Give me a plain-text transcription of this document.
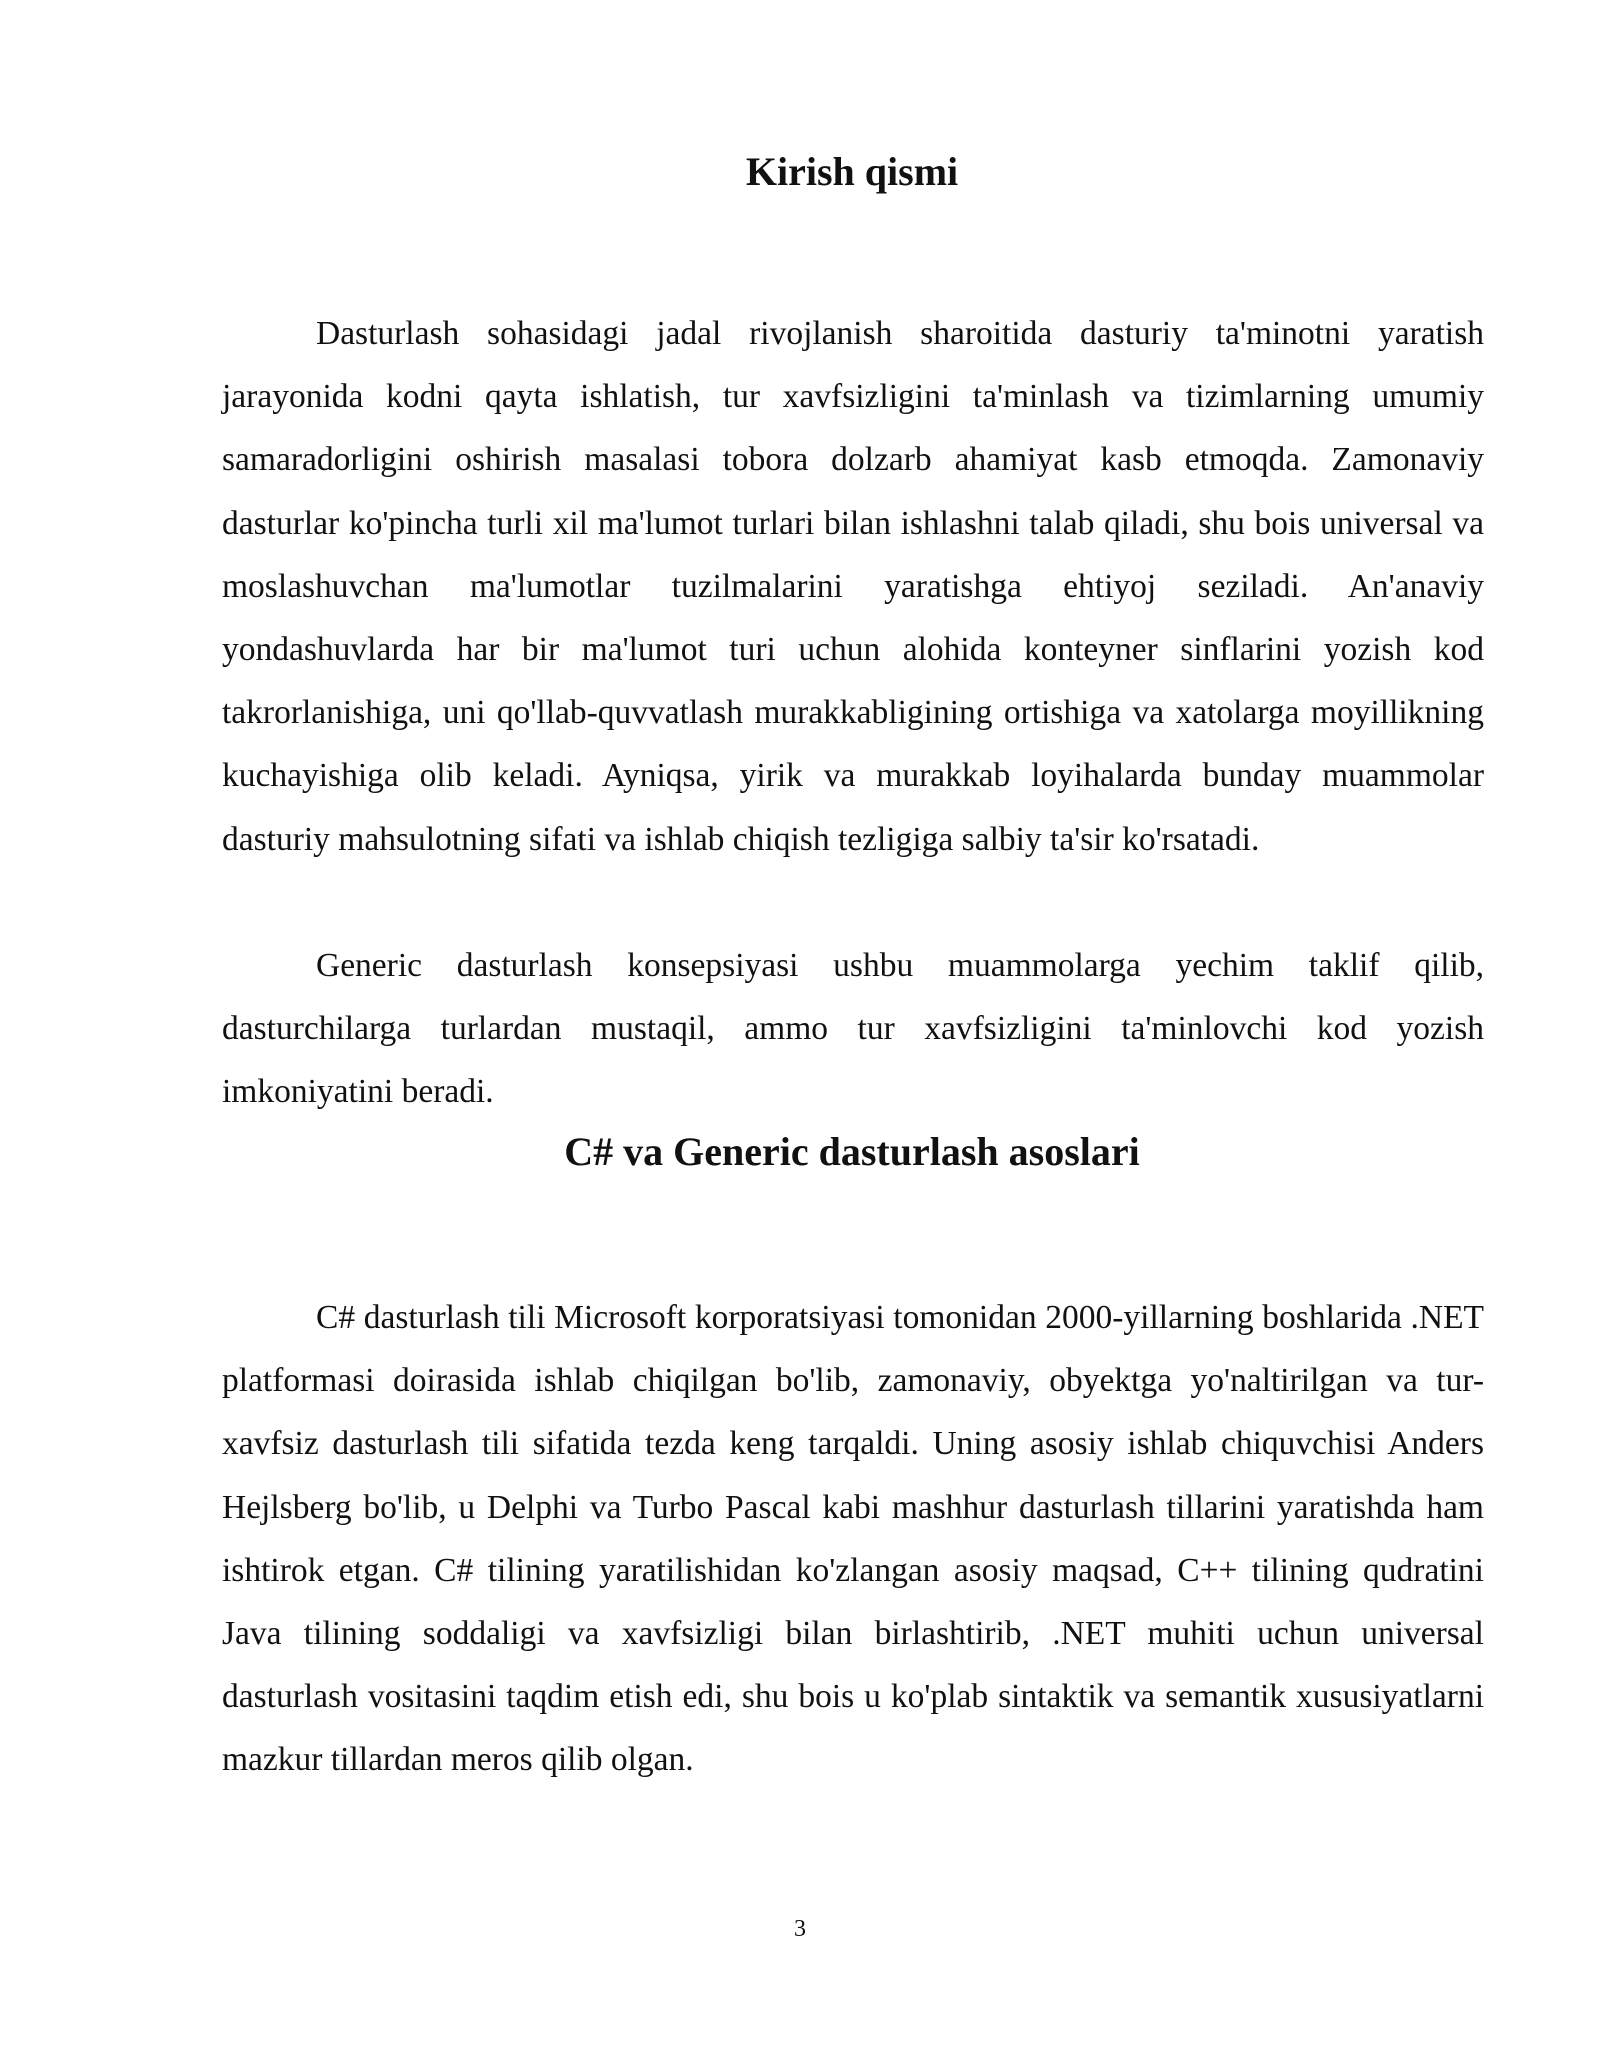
Kirish qismi

Dasturlash sohasidagi jadal rivojlanish sharoitida dasturiy ta'minotni yaratish jarayonida kodni qayta ishlatish, tur xavfsizligini ta'minlash va tizimlarning umumiy samaradorligini oshirish masalasi tobora dolzarb ahamiyat kasb etmoqda. Zamonaviy dasturlar ko'pincha turli xil ma'lumot turlari bilan ishlashni talab qiladi, shu bois universal va moslashuvchan ma'lumotlar tuzilmalarini yaratishga ehtiyoj seziladi. An'anaviy yondashuvlarda har bir ma'lumot turi uchun alohida konteyner sinflarini yozish kod takrorlanishiga, uni qo'llab-quvvatlash murakkabligining ortishiga va xatolarga moyillikning kuchayishiga olib keladi. Ayniqsa, yirik va murakkab loyihalarda bunday muammolar dasturiy mahsulotning sifati va ishlab chiqish tezligiga salbiy ta'sir ko'rsatadi.

Generic dasturlash konsepsiyasi ushbu muammolarga yechim taklif qilib, dasturchilarga turlardan mustaqil, ammo tur xavfsizligini ta'minlovchi kod yozish imkoniyatini beradi.

C# va Generic dasturlash asoslari

C# dasturlash tili Microsoft korporatsiyasi tomonidan 2000-yillarning boshlarida .NET platformasi doirasida ishlab chiqilgan bo'lib, zamonaviy, obyektga yo'naltirilgan va tur-xavfsiz dasturlash tili sifatida tezda keng tarqaldi. Uning asosiy ishlab chiquvchisi Anders Hejlsberg bo'lib, u Delphi va Turbo Pascal kabi mashhur dasturlash tillarini yaratishda ham ishtirok etgan. C# tilining yaratilishidan ko'zlangan asosiy maqsad, C++ tilining qudratini Java tilining soddaligi va xavfsizligi bilan birlashtirib, .NET muhiti uchun universal dasturlash vositasini taqdim etish edi, shu bois u ko'plab sintaktik va semantik xususiyatlarni mazkur tillardan meros qilib olgan.

3
